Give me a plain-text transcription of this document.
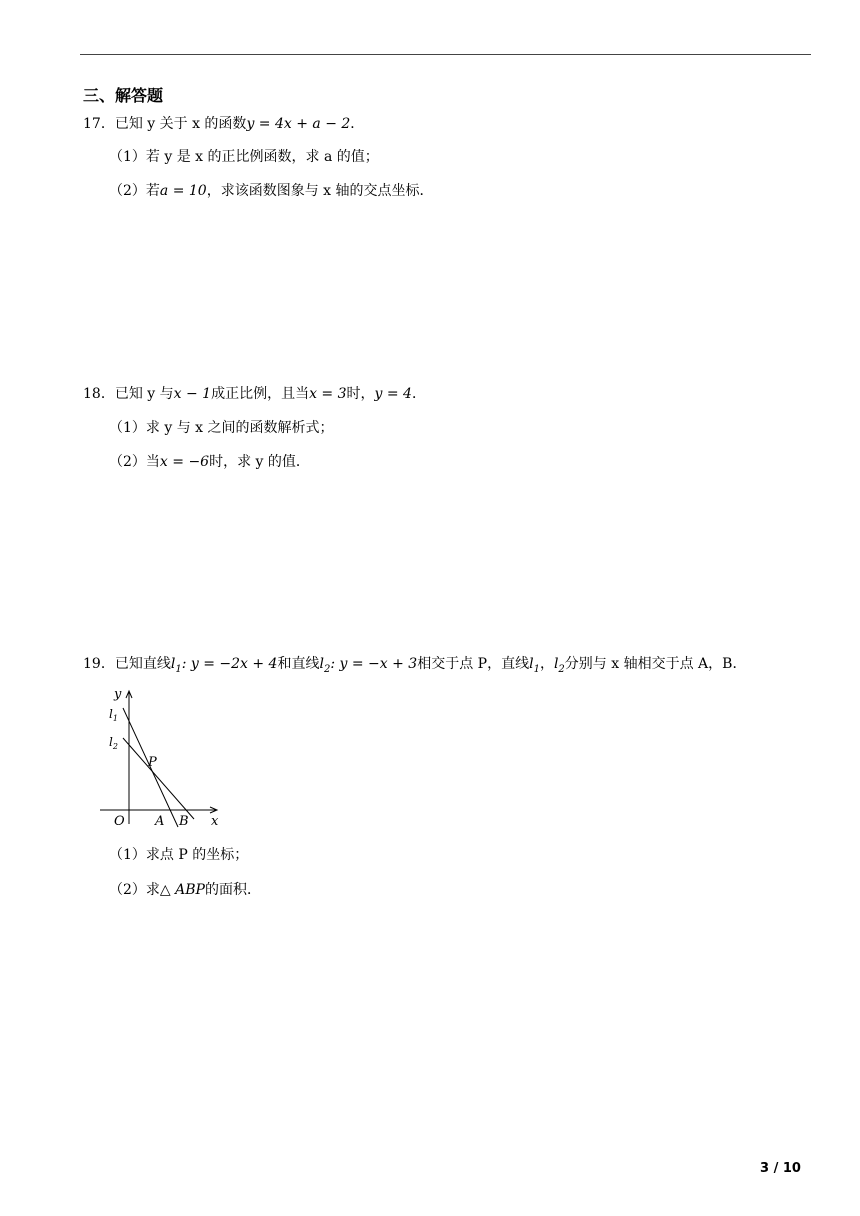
三、解答题
17．已知 y 关于 x 的函数y = 4x + a − 2．
（1）若 y 是 x 的正比例函数，求 a 的值；
（2）若a = 10，求该函数图象与 x 轴的交点坐标．
18．已知 y 与x − 1成正比例，且当x = 3时，y = 4．
（1）求 y 与 x 之间的函数解析式；
（2）当x = −6时，求 y 的值．
19．已知直线$l_1$: y = −2x + 4和直线$l_2$: y = −x + 3相交于点 P，直线$l_1$，$l_2$分别与 x 轴相交于点 A，B．
y
x
$l_1$
$l_2$
P
O A B
（1）求点 P 的坐标；
（2）求△ ABP的面积．
3 / 10
